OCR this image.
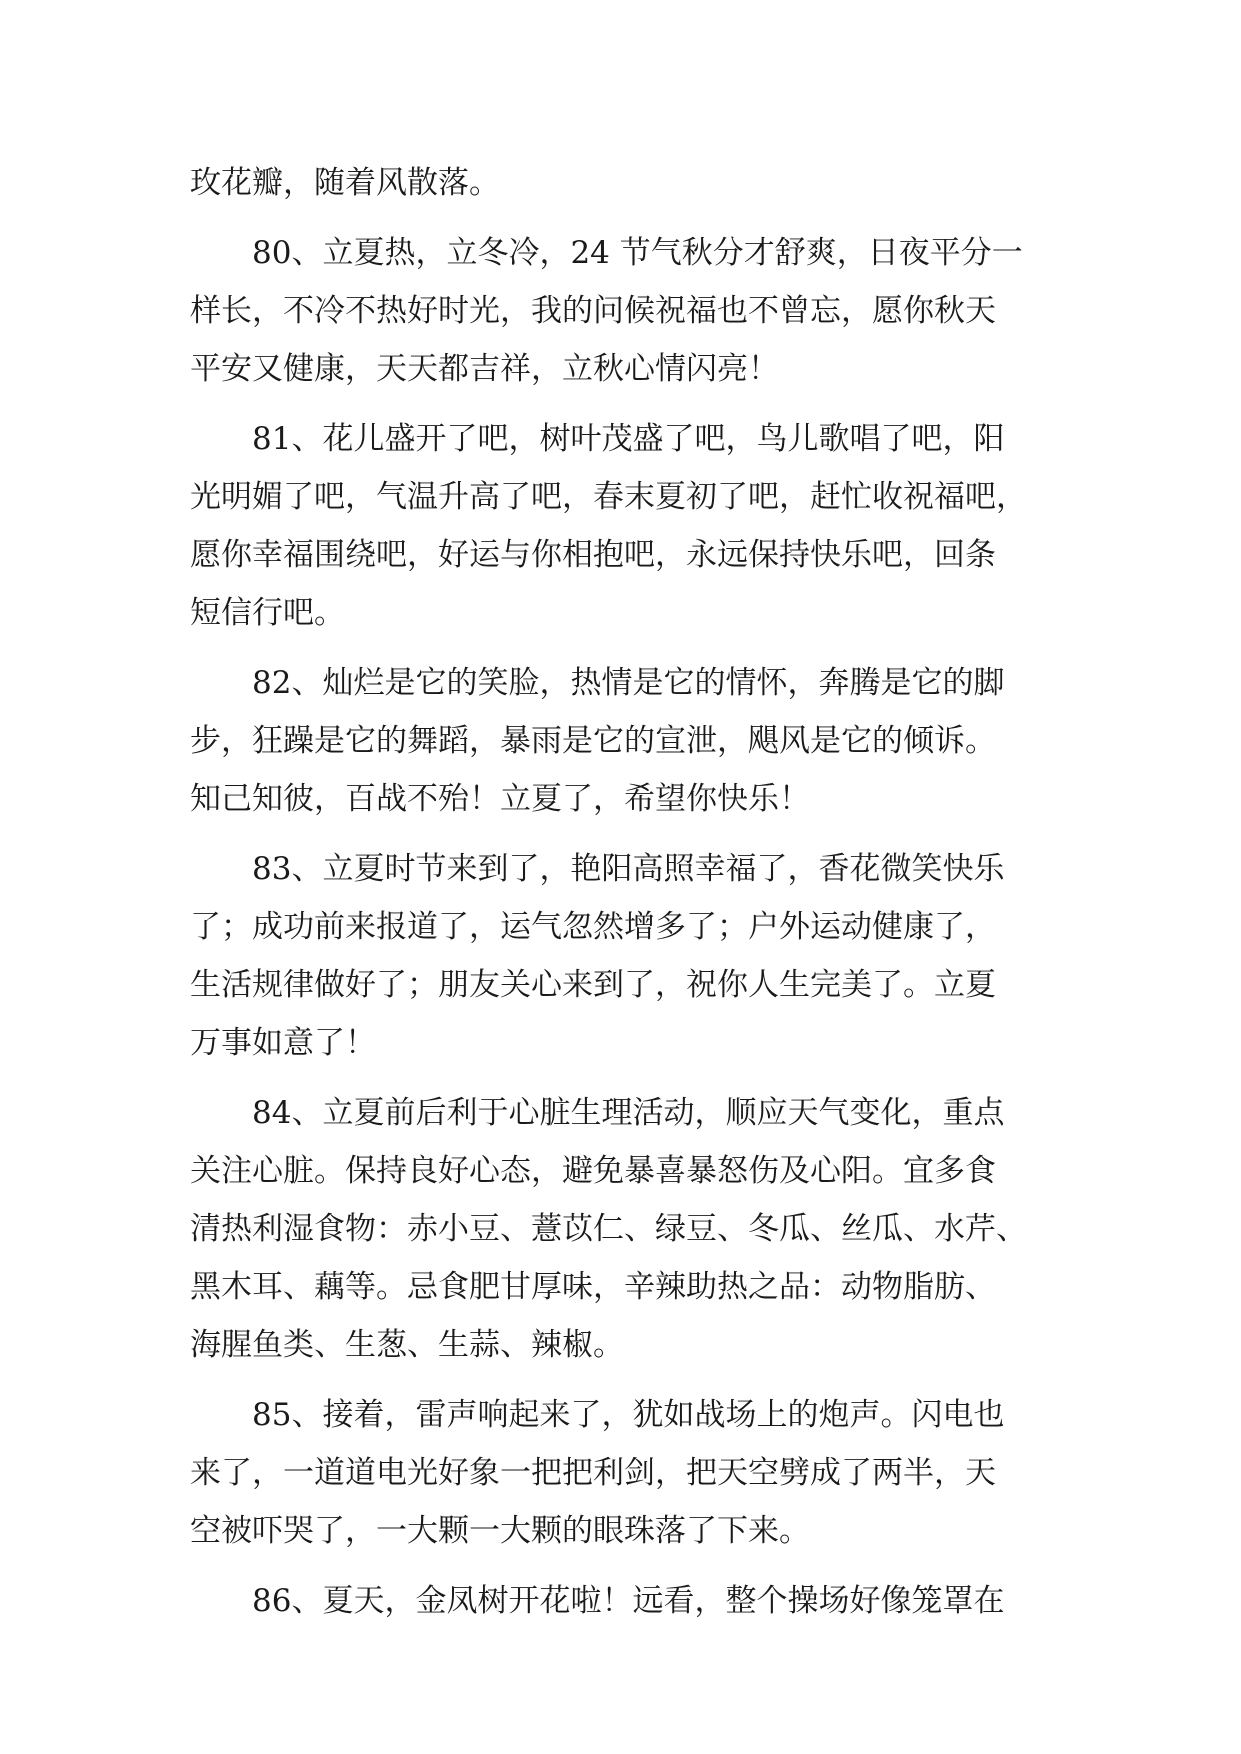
玫花瓣，随着风散落。
80、立夏热，立冬冷，24 节气秋分才舒爽，日夜平分一
样长，不冷不热好时光，我的问候祝福也不曾忘，愿你秋天
平安又健康，天天都吉祥，立秋心情闪亮！
81、花儿盛开了吧，树叶茂盛了吧，鸟儿歌唱了吧，阳
光明媚了吧，气温升高了吧，春末夏初了吧，赶忙收祝福吧，
愿你幸福围绕吧，好运与你相抱吧，永远保持快乐吧，回条
短信行吧。
82、灿烂是它的笑脸，热情是它的情怀，奔腾是它的脚
步，狂躁是它的舞蹈，暴雨是它的宣泄，飓风是它的倾诉。
知己知彼，百战不殆！立夏了，希望你快乐！
83、立夏时节来到了，艳阳高照幸福了，香花微笑快乐
了；成功前来报道了，运气忽然增多了；户外运动健康了，
生活规律做好了；朋友关心来到了，祝你人生完美了。立夏
万事如意了！
84、立夏前后利于心脏生理活动，顺应天气变化，重点
关注心脏。保持良好心态，避免暴喜暴怒伤及心阳。宜多食
清热利湿食物：赤小豆、薏苡仁、绿豆、冬瓜、丝瓜、水芹、
黑木耳、藕等。忌食肥甘厚味，辛辣助热之品：动物脂肪、
海腥鱼类、生葱、生蒜、辣椒。
85、接着，雷声响起来了，犹如战场上的炮声。闪电也
来了，一道道电光好象一把把利剑，把天空劈成了两半，天
空被吓哭了，一大颗一大颗的眼珠落了下来。
86、夏天，金凤树开花啦！远看，整个操场好像笼罩在
